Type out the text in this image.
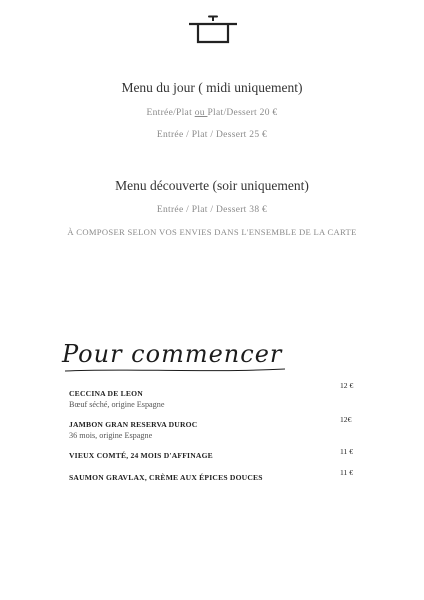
Menu du jour ( midi uniquement)
Entrée/Plat ou Plat/Dessert 20 €
Entrée / Plat / Dessert 25 €
Menu découverte (soir uniquement)
Entrée / Plat / Dessert 38 €
À COMPOSER SELON VOS ENVIES DANS L'ENSEMBLE DE LA CARTE
Pour commencer
CECCINA DE LEON
Bœuf séché, origine Espagne
12 €
JAMBON GRAN RESERVA DUROC
36 mois, origine Espagne
12€
VIEUX COMTÉ, 24 MOIS D'AFFINAGE	11 €
SAUMON GRAVLAX, CRÈME AUX ÉPICES DOUCES
11 €
